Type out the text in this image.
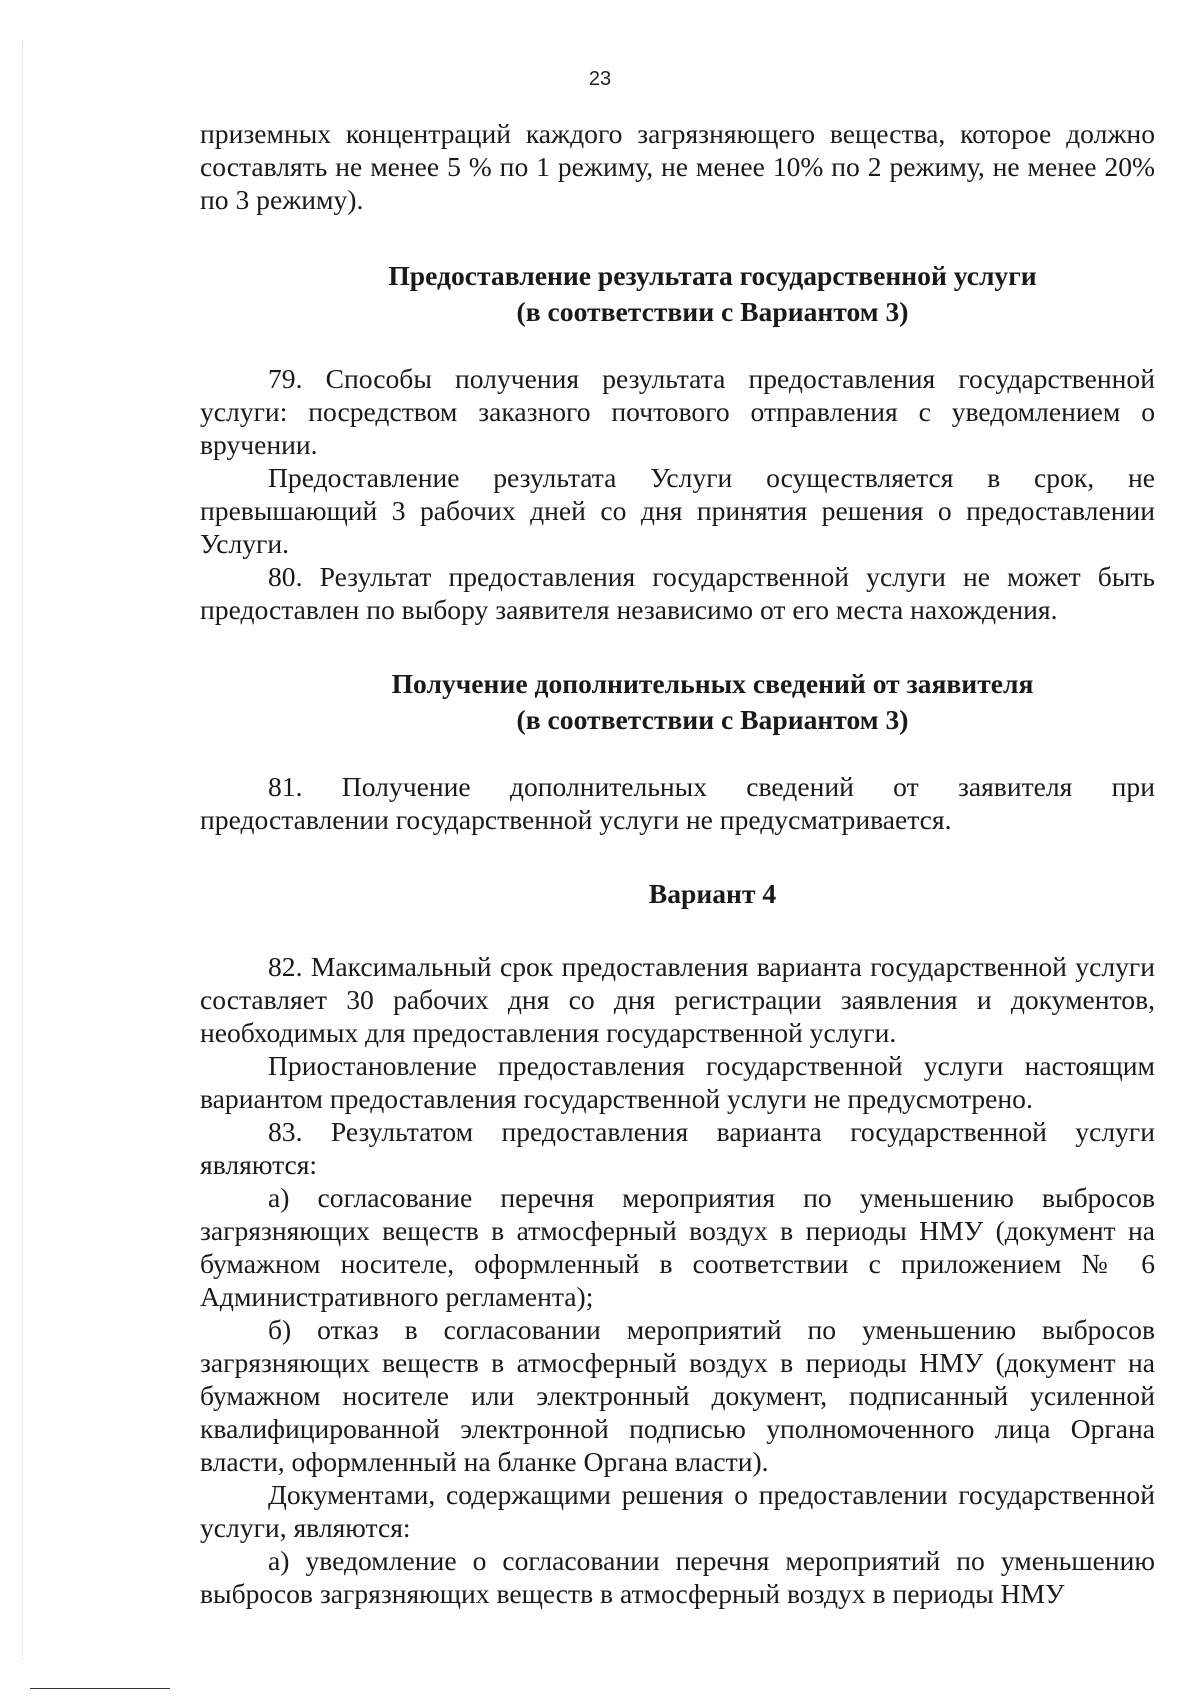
23

приземных концентраций каждого загрязняющего вещества, которое должно составлять не менее 5 % по 1 режиму, не менее 10% по 2 режиму, не менее 20% по 3 режиму).

Предоставление результата государственной услуги
(в соответствии с Вариантом 3)

79. Способы получения результата предоставления государственной услуги: посредством заказного почтового отправления с уведомлением о вручении.

Предоставление результата Услуги осуществляется в срок, не превышающий 3 рабочих дней со дня принятия решения о предоставлении Услуги.

80. Результат предоставления государственной услуги не может быть предоставлен по выбору заявителя независимо от его места нахождения.

Получение дополнительных сведений от заявителя
(в соответствии с Вариантом 3)

81. Получение дополнительных сведений от заявителя при предоставлении государственной услуги не предусматривается.

Вариант 4

82. Максимальный срок предоставления варианта государственной услуги составляет 30 рабочих дня со дня регистрации заявления и документов, необходимых для предоставления государственной услуги.

Приостановление предоставления государственной услуги настоящим вариантом предоставления государственной услуги не предусмотрено.

83. Результатом предоставления варианта государственной услуги являются:

а) согласование перечня мероприятия по уменьшению выбросов загрязняющих веществ в атмосферный воздух в периоды НМУ (документ на бумажном носителе, оформленный в соответствии с приложением № 6 Административного регламента);

б) отказ в согласовании мероприятий по уменьшению выбросов загрязняющих веществ в атмосферный воздух в периоды НМУ (документ на бумажном носителе или электронный документ, подписанный усиленной квалифицированной электронной подписью уполномоченного лица Органа власти, оформленный на бланке Органа власти).

Документами, содержащими решения о предоставлении государственной услуги, являются:

а) уведомление о согласовании перечня мероприятий по уменьшению выбросов загрязняющих веществ в атмосферный воздух в периоды НМУ
